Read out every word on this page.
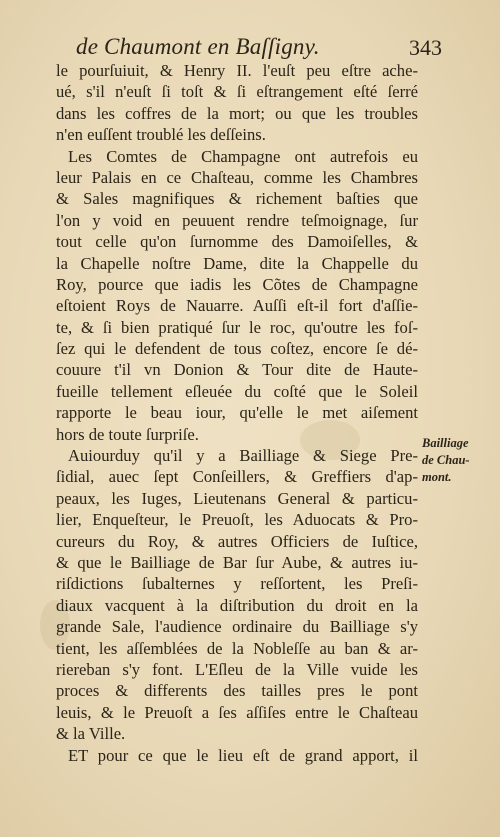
de Chaumont en Baſſigny.	343
le pourſuiuit, & Henry II. l'euſt peu eſtre ache-
ué, s'il n'euſt ſi toſt & ſi eſtrangement eſté ſerré
dans les coffres de la mort; ou que les troubles
n'en euſſent troublé les deſſeins.
Les Comtes de Champagne ont autrefois eu
leur Palais en ce Chaſteau, comme les Chambres
& Sales magnifiques & richement baſties que
l'on y void en peuuent rendre teſmoignage, ſur
tout celle qu'on ſurnomme des Damoiſelles, &
la Chapelle noſtre Dame, dite la Chappelle du
Roy, pource que iadis les Cõtes de Champagne
eſtoient Roys de Nauarre. Auſſi eſt-il fort d'aſſie-
te, & ſi bien pratiqué ſur le roc, qu'outre les foſ-
ſez qui le defendent de tous coſtez, encore ſe dé-
couure t'il vn Donion & Tour dite de Haute-
fueille tellement eſleuée du coſté que le Soleil
rapporte le beau iour, qu'elle le met aiſement
hors de toute ſurpriſe.
Auiourduy qu'il y a Bailliage & Siege Pre-
ſidial, auec ſept Conſeillers, & Greffiers d'ap-
peaux, les Iuges, Lieutenans General & particu-
lier, Enqueſteur, le Preuoſt, les Aduocats & Pro-
cureurs du Roy, & autres Officiers de Iuſtice,
& que le Bailliage de Bar ſur Aube, & autres iu-
riſdictions ſubalternes y reſſortent, les Preſi-
diaux vacquent à la diſtribution du droit en la
grande Sale, l'audience ordinaire du Bailliage s'y
tient, les aſſemblées de la Nobleſſe au ban & ar-
riereban s'y font. L'Eſleu de la Ville vuide les
proces & differents des tailles pres le pont
leuis, & le Preuoſt a ſes aſſiſes entre le Chaſteau
& la Ville.
ET pour ce que le lieu eſt de grand apport, il
Bailliage
de Chau-
mont.
